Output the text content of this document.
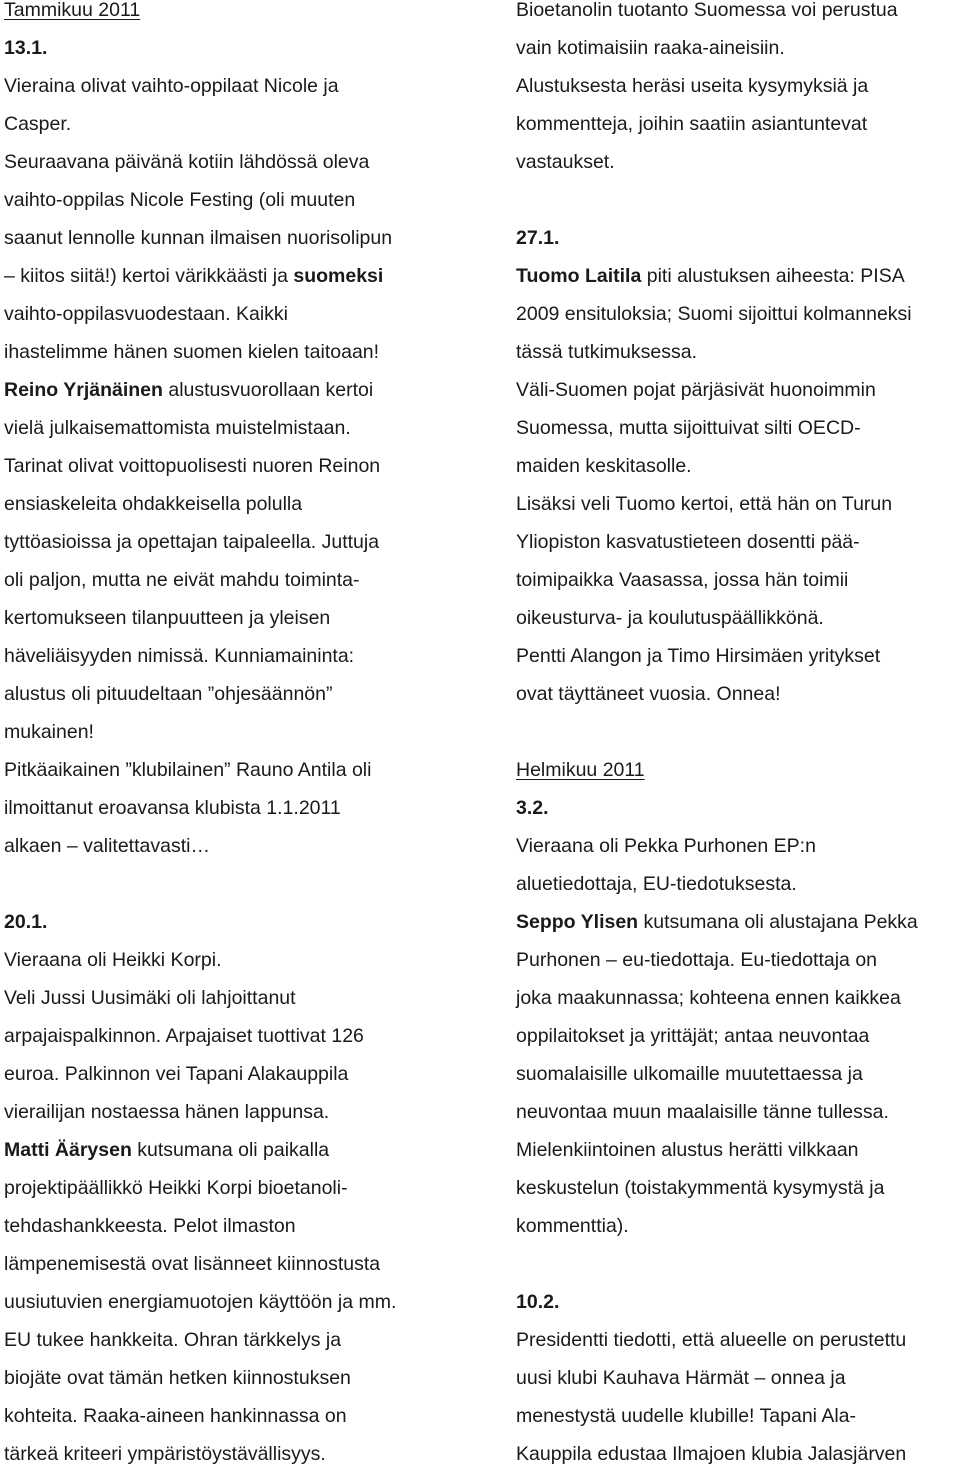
Tammikuu 2011
13.1.
Vieraina olivat vaihto-oppilaat Nicole ja
Casper.
Seuraavana päivänä kotiin lähdössä oleva
vaihto-oppilas Nicole Festing (oli muuten
saanut lennolle kunnan ilmaisen nuorisolipun
– kiitos siitä!) kertoi värikkäästi ja suomeksi
vaihto-oppilasvuodestaan. Kaikki
ihastelimme hänen suomen kielen taitoaan!
Reino Yrjänäinen alustusvuorollaan kertoi
vielä julkaisemattomista muistelmistaan.
Tarinat olivat voittopuolisesti nuoren Reinon
ensiaskeleita ohdakkeisella polulla
tyttöasioissa ja opettajan taipaleella. Juttuja
oli paljon, mutta ne eivät mahdu toiminta-
kertomukseen tilanpuutteen ja yleisen
häveliäisyyden nimissä. Kunniamaininta:
alustus oli pituudeltaan ”ohjesäännön”
mukainen!
Pitkäaikainen ”klubilainen” Rauno Antila oli
ilmoittanut eroavansa klubista 1.1.2011
alkaen – valitettavasti…
20.1.
Vieraana oli Heikki Korpi.
Veli Jussi Uusimäki oli lahjoittanut
arpajaispalkinnon. Arpajaiset tuottivat 126
euroa. Palkinnon vei Tapani Alakauppila
vierailijan nostaessa hänen lappunsa.
Matti Äärysen kutsumana oli paikalla
projektipäällikkö Heikki Korpi bioetanoli-
tehdashankkeesta. Pelot ilmaston
lämpenemisestä ovat lisänneet kiinnostusta
uusiutuvien energiamuotojen käyttöön ja mm.
EU tukee hankkeita. Ohran tärkkelys ja
biojäte ovat tämän hetken kiinnostuksen
kohteita. Raaka-aineen hankinnassa on
tärkeä kriteeri ympäristöystävällisyys.
Bioetanolin tuotanto Suomessa voi perustua
vain kotimaisiin raaka-aineisiin.
Alustuksesta heräsi useita kysymyksiä ja
kommentteja, joihin saatiin asiantuntevat
vastaukset.
27.1.
Tuomo Laitila piti alustuksen aiheesta: PISA
2009 ensituloksia; Suomi sijoittui kolmanneksi
tässä tutkimuksessa.
Väli-Suomen pojat pärjäsivät huonoimmin
Suomessa, mutta sijoittuivat silti OECD-
maiden keskitasolle.
Lisäksi veli Tuomo kertoi, että hän on Turun
Yliopiston kasvatustieteen dosentti pää-
toimipaikka Vaasassa, jossa hän toimii
oikeusturva- ja koulutuspäällikkönä.
Pentti Alangon ja Timo Hirsimäen yritykset
ovat täyttäneet vuosia. Onnea!
Helmikuu 2011
3.2.
Vieraana oli Pekka Purhonen EP:n
aluetiedottaja, EU-tiedotuksesta.
Seppo Ylisen kutsumana oli alustajana Pekka
Purhonen – eu-tiedottaja. Eu-tiedottaja on
joka maakunnassa; kohteena ennen kaikkea
oppilaitokset ja yrittäjät; antaa neuvontaa
suomalaisille ulkomaille muutettaessa ja
neuvontaa muun maalaisille tänne tullessa.
Mielenkiintoinen alustus herätti vilkkaan
keskustelun (toistakymmentä kysymystä ja
kommenttia).
10.2.
Presidentti tiedotti, että alueelle on perustettu
uusi klubi Kauhava Härmät – onnea ja
menestystä uudelle klubille! Tapani Ala-
Kauppila edustaa Ilmajoen klubia Jalasjärven
